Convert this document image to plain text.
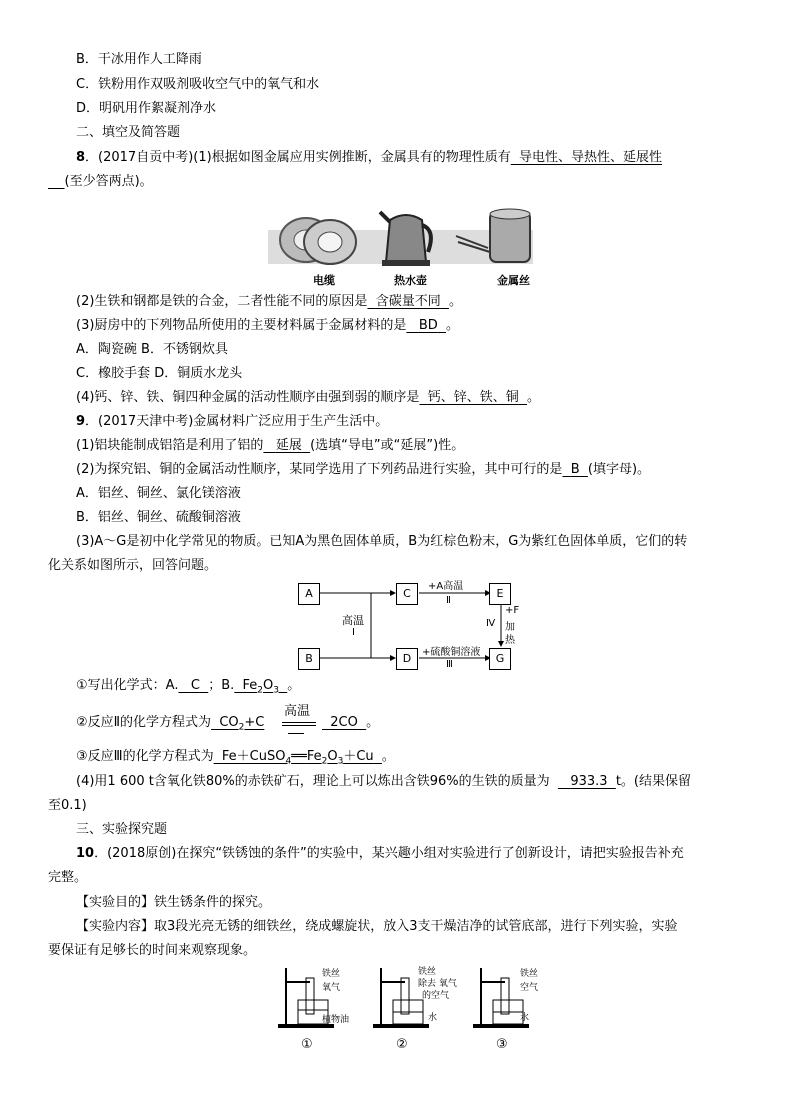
B．干冰用作人工降雨
C．铁粉用作双吸剂吸收空气中的氧气和水
D．明矾用作絮凝剂净水
二、填空及简答题
8．(2017自贡中考)(1)根据如图金属应用实例推断，金属具有的物理性质有 导电性、导热性、延展性
(至少答两点)。
电缆	热水壶	金属丝
(2)生铁和钢都是铁的合金，二者性能不同的原因是 含碳量不同 。
(3)厨房中的下列物品所使用的主要材料属于金属材料的是 BD 。
A．陶瓷碗 B．不锈钢炊具
C．橡胶手套 D．铜质水龙头
(4)钙、锌、铁、铜四种金属的活动性顺序由强到弱的顺序是 钙、锌、铁、铜 。
9．(2017天津中考)金属材料广泛应用于生产生活中。
(1)铝块能制成铝箔是利用了铝的 延展 (选填“导电”或“延展”)性。
(2)为探究铝、铜的金属活动性顺序，某同学选用了下列药品进行实验，其中可行的是 B (填字母)。
A．铝丝、铜丝、氯化镁溶液
B．铝丝、铜丝、硫酸铜溶液
(3)A～G是初中化学常见的物质。已知A为黑色固体单质，B为红棕色粉末，G为紫红色固体单质，它们的转
化关系如图所示，回答问题。
A
B
C
D
E
G
高温
Ⅰ
+A高温
Ⅱ
+硫酸铜溶液
Ⅲ
Ⅳ
+F
加
热
①写出化学式：A. C ；B. $Fe_2O_3$ 。
②反应Ⅱ的化学方程式为 $CO_2+C$
高温
2CO 。
③反应Ⅲ的化学方程式为 $Fe+CuSO_4══Fe_2O_3+Cu$ 。
(4)用1 600 t含氧化铁80%的赤铁矿石，理论上可以炼出含铁96%的生铁的质量为 933.3 t。(结果保留
至0.1)
三、实验探究题
10．(2018原创)在探究“铁锈蚀的条件”的实验中，某兴趣小组对实验进行了创新设计，请把实验报告补充
完整。
【实验目的】铁生锈条件的探究。
【实验内容】取3段光亮无锈的细铁丝，绕成螺旋状，放入3支干燥洁净的试管底部，进行下列实验，实验
要保证有足够长的时间来观察现象。
铁丝
氧气
植物油
铁丝
除去 氧气
的空气
水
铁丝
空气
水
①	②	③
